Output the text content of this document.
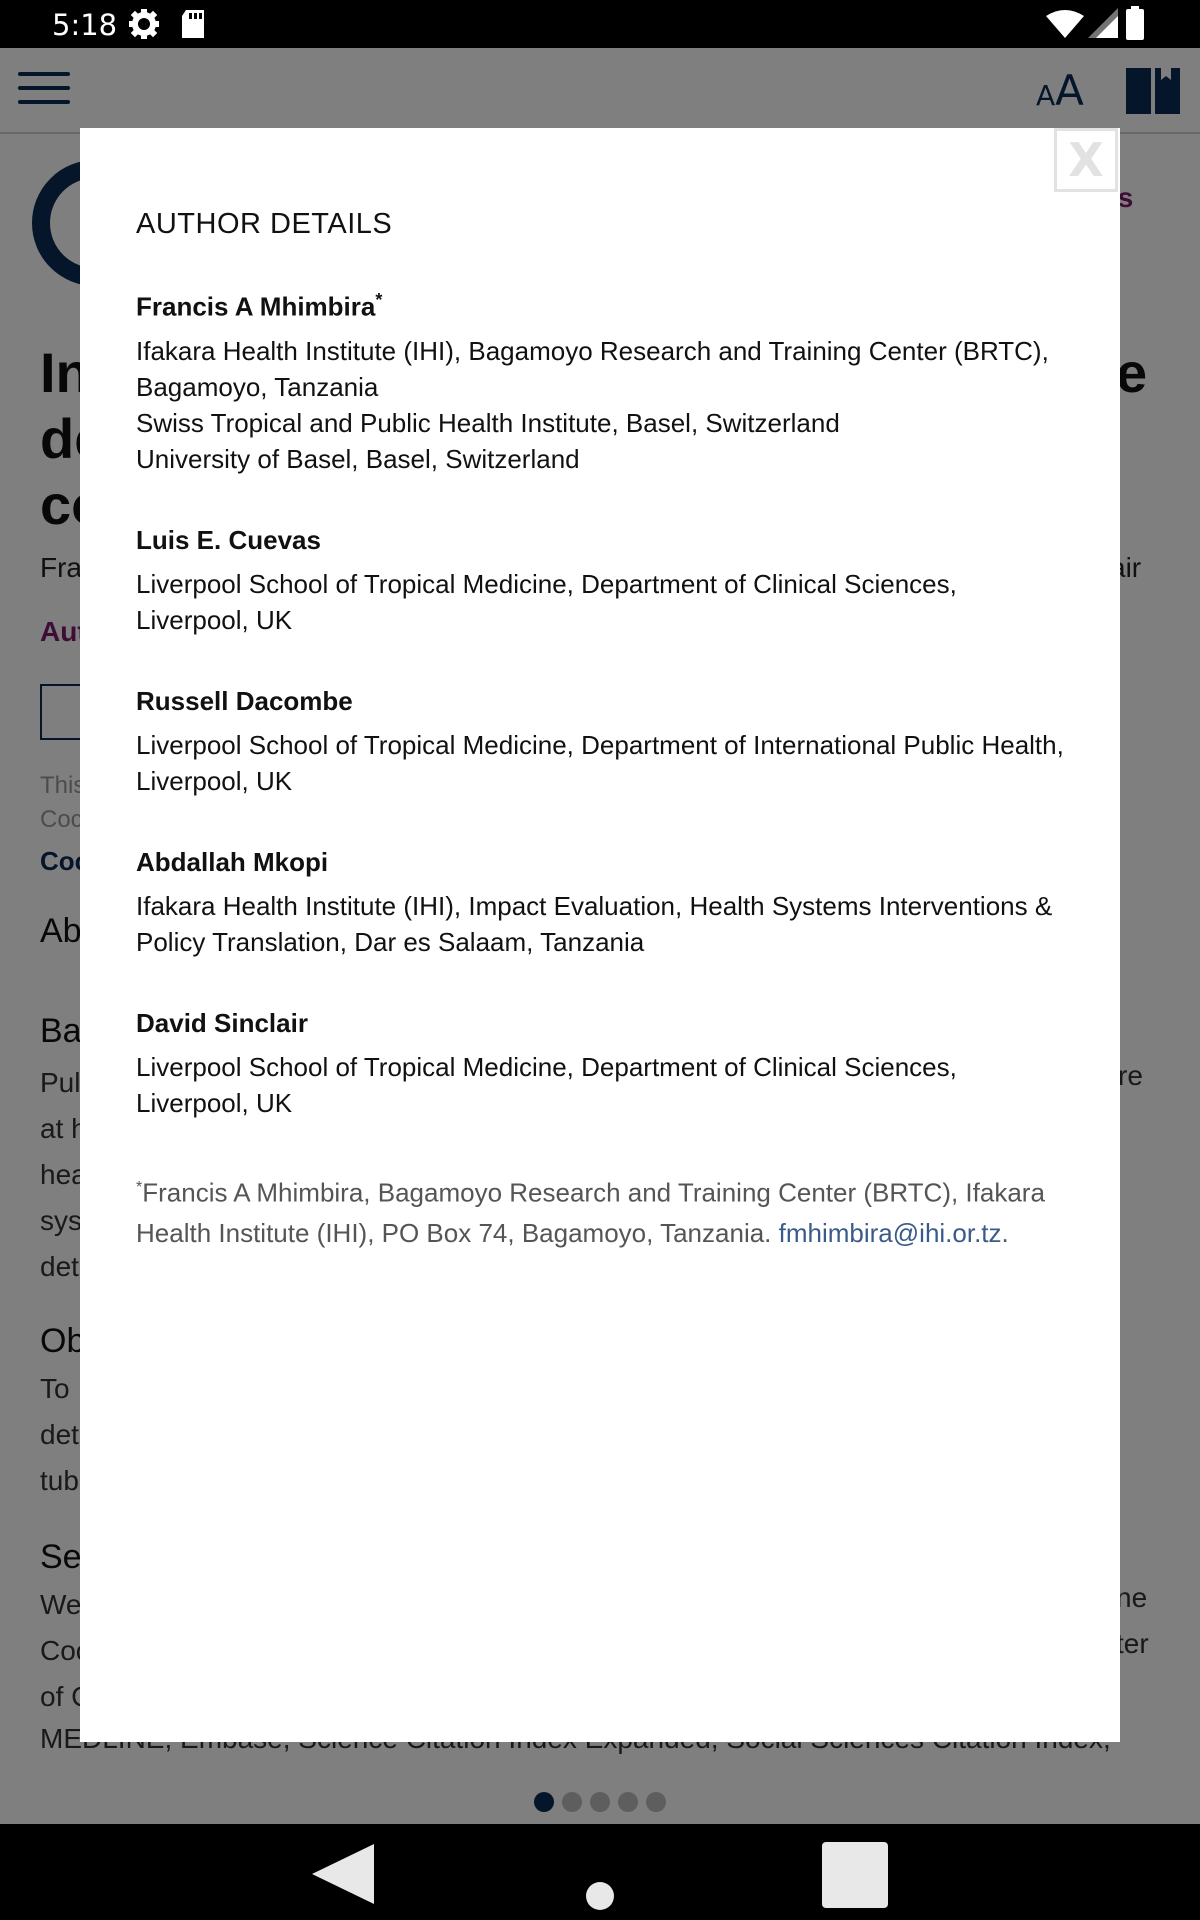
5:18
AUTHOR DETAILS
Francis A Mhimbira*
Ifakara Health Institute (IHI), Bagamoyo Research and Training Center (BRTC), Bagamoyo, Tanzania
Swiss Tropical and Public Health Institute, Basel, Switzerland
University of Basel, Basel, Switzerland
Luis E. Cuevas
Liverpool School of Tropical Medicine, Department of Clinical Sciences, Liverpool, UK
Russell Dacombe
Liverpool School of Tropical Medicine, Department of International Public Health, Liverpool, UK
Abdallah Mkopi
Ifakara Health Institute (IHI), Impact Evaluation, Health Systems Interventions & Policy Translation, Dar es Salaam, Tanzania
David Sinclair
Liverpool School of Tropical Medicine, Department of Clinical Sciences, Liverpool, UK
*Francis A Mhimbira, Bagamoyo Research and Training Center (BRTC), Ifakara Health Institute (IHI), PO Box 74, Bagamoyo, Tanzania. fmhimbira@ihi.or.tz.
X
